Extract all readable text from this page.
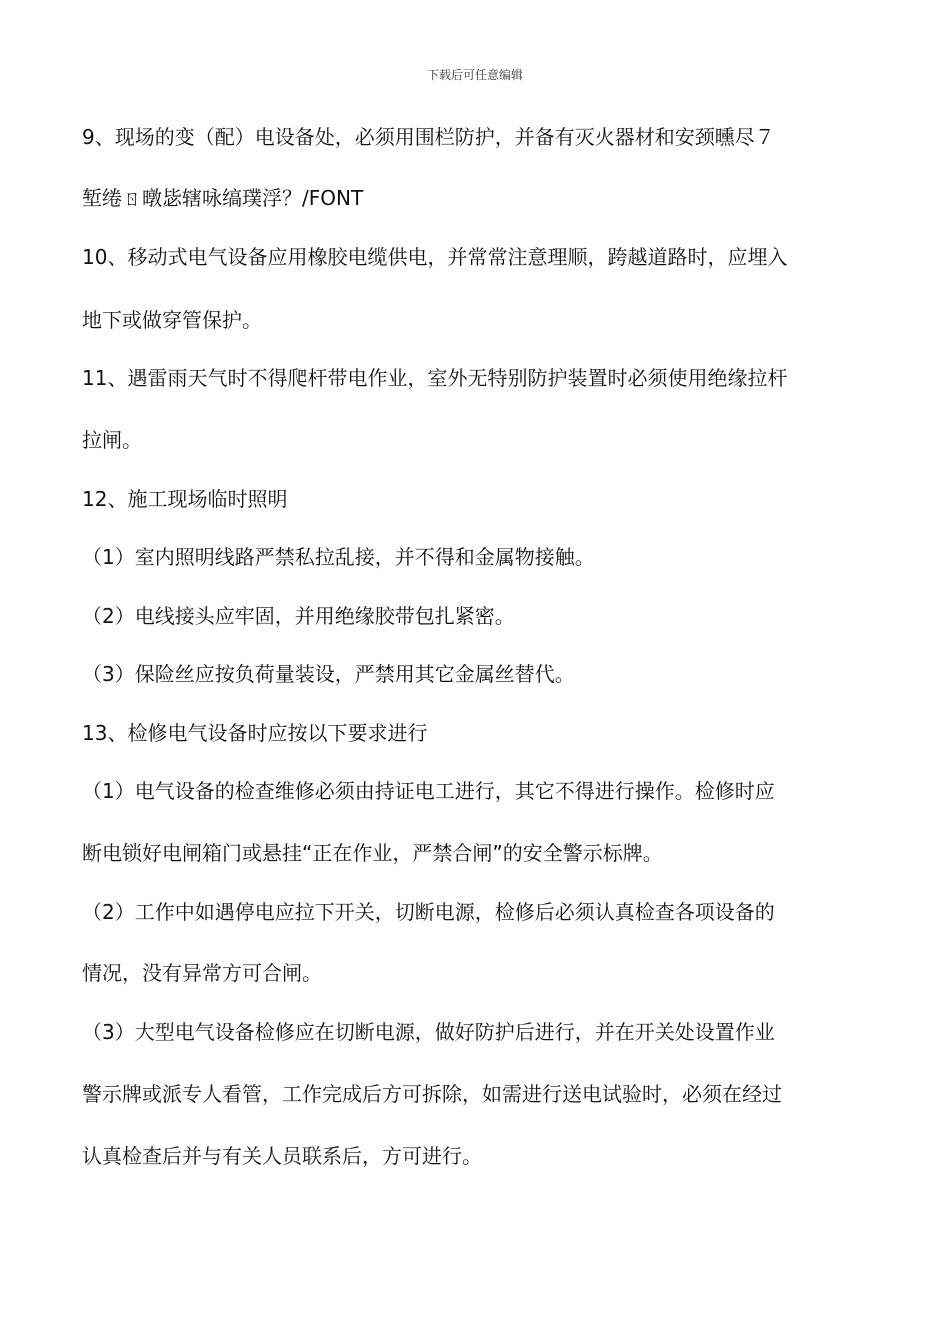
下载后可任意编辑
9、现场的变（配）电设备处，必须用围栏防护，并备有灭火器材和安颈曛尽７
堑绻ㄖ暾毖辖咏缟璞浮？/FONT
10、移动式电气设备应用橡胶电缆供电，并常常注意理顺，跨越道路时，应埋入
地下或做穿管保护。
11、遇雷雨天气时不得爬杆带电作业，室外无特别防护装置时必须使用绝缘拉杆
拉闸。
12、施工现场临时照明
（1）室内照明线路严禁私拉乱接，并不得和金属物接触。
（2）电线接头应牢固，并用绝缘胶带包扎紧密。
（3）保险丝应按负荷量装设，严禁用其它金属丝替代。
13、检修电气设备时应按以下要求进行
（1）电气设备的检查维修必须由持证电工进行，其它不得进行操作。检修时应
断电锁好电闸箱门或悬挂“正在作业，严禁合闸”的安全警示标牌。
（2）工作中如遇停电应拉下开关，切断电源，检修后必须认真检查各项设备的
情况，没有异常方可合闸。
（3）大型电气设备检修应在切断电源，做好防护后进行，并在开关处设置作业
警示牌或派专人看管，工作完成后方可拆除，如需进行送电试验时，必须在经过
认真检查后并与有关人员联系后，方可进行。
